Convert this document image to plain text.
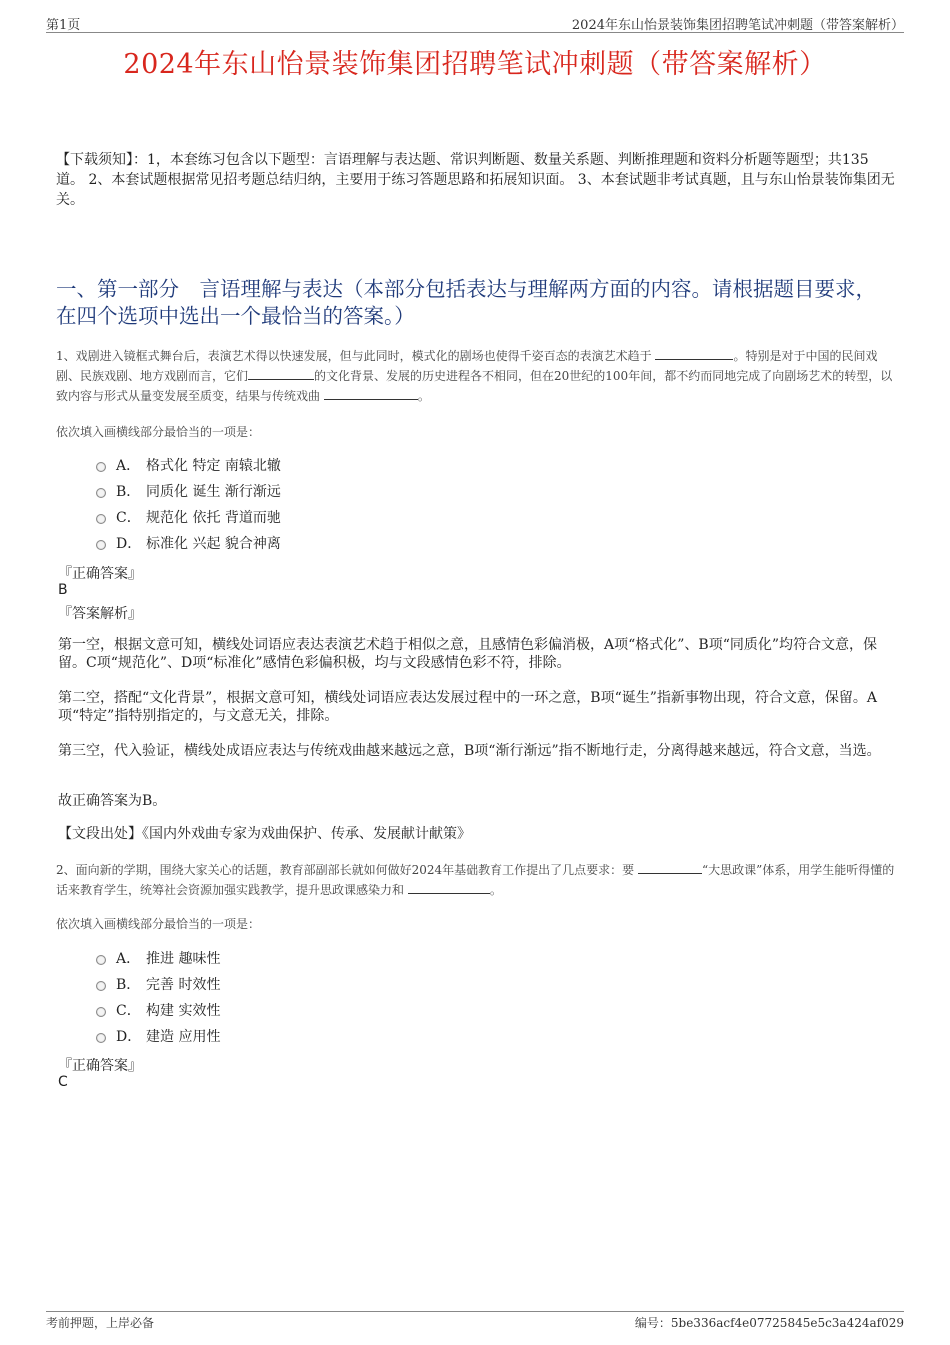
第1页	2024年东山怡景装饰集团招聘笔试冲刺题（带答案解析）
2024年东山怡景装饰集团招聘笔试冲刺题（带答案解析）
【下载须知】：1，本套练习包含以下题型：言语理解与表达题、常识判断题、数量关系题、判断推理题和资料分析题等题型；共135道。 2、本套试题根据常见招考题总结归纳，主要用于练习答题思路和拓展知识面。 3、本套试题非考试真题，且与东山怡景装饰集团无关。
一、第一部分　言语理解与表达（本部分包括表达与理解两方面的内容。请根据题目要求，在四个选项中选出一个最恰当的答案。）
1、戏剧进入镜框式舞台后，表演艺术得以快速发展，但与此同时，模式化的剧场也使得千姿百态的表演艺术趋于	。特别是对于中国的民间戏剧、民族戏剧、地方戏剧而言，它们	的文化背景、发展的历史进程各不相同，但在20世纪的100年间，都不约而同地完成了向剧场艺术的转型，以致内容与形式从量变发展至质变，结果与传统戏曲	。
依次填入画横线部分最恰当的一项是：
A． 格式化 特定 南辕北辙
B． 同质化 诞生 渐行渐远
C． 规范化 依托 背道而驰
D． 标准化 兴起 貌合神离
『正确答案』
B
『答案解析』
第一空，根据文意可知，横线处词语应表达表演艺术趋于相似之意，且感情色彩偏消极，A项“格式化”、B项“同质化”均符合文意，保留。C项“规范化”、D项“标准化”感情色彩偏积极，均与文段感情色彩不符，排除。
第二空，搭配“文化背景”，根据文意可知，横线处词语应表达发展过程中的一环之意，B项“诞生”指新事物出现，符合文意，保留。A项“特定”指特别指定的，与文意无关，排除。
第三空，代入验证，横线处成语应表达与传统戏曲越来越远之意，B项“渐行渐远”指不断地行走，分离得越来越远，符合文意，当选。
故正确答案为B。
【文段出处】《国内外戏曲专家为戏曲保护、传承、发展献计献策》
2、面向新的学期，围绕大家关心的话题，教育部副部长就如何做好2024年基础教育工作提出了几点要求：要	“大思政课”体系，用学生能听得懂的话来教育学生，统筹社会资源加强实践教学，提升思政课感染力和	。
依次填入画横线部分最恰当的一项是：
A． 推进 趣味性
B． 完善 时效性
C． 构建 实效性
D． 建造 应用性
『正确答案』
C
考前押题，上岸必备	编号：5be336acf4e07725845e5c3a424af029
